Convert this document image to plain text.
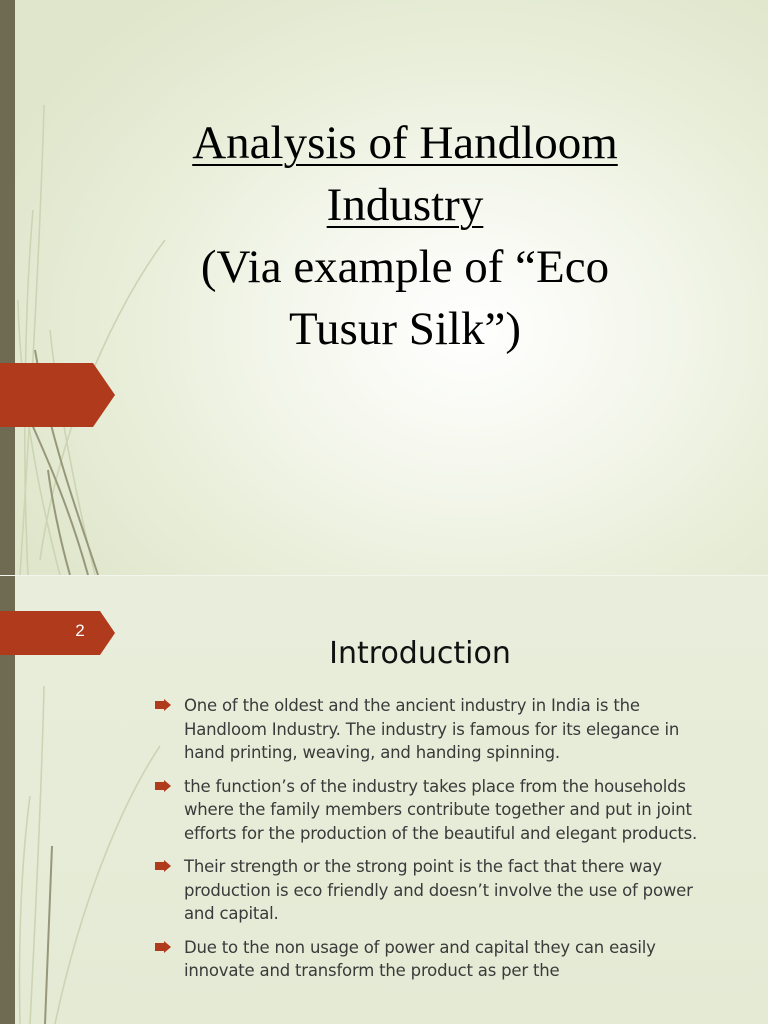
Analysis of Handloom
Industry
(Via example of “Eco
Tusur Silk”)
2
Introduction
One of the oldest and the ancient industry in India is the Handloom Industry. The industry is famous for its elegance in hand printing, weaving, and handing spinning.
the function’s of the industry takes place from the households where the family members contribute together and put in joint efforts for the production of the beautiful and elegant products.
Their strength or the strong point is the fact that there way production is eco friendly and doesn’t involve the use of power and capital.
Due to the non usage of power and capital they can easily innovate and transform the product as per the
